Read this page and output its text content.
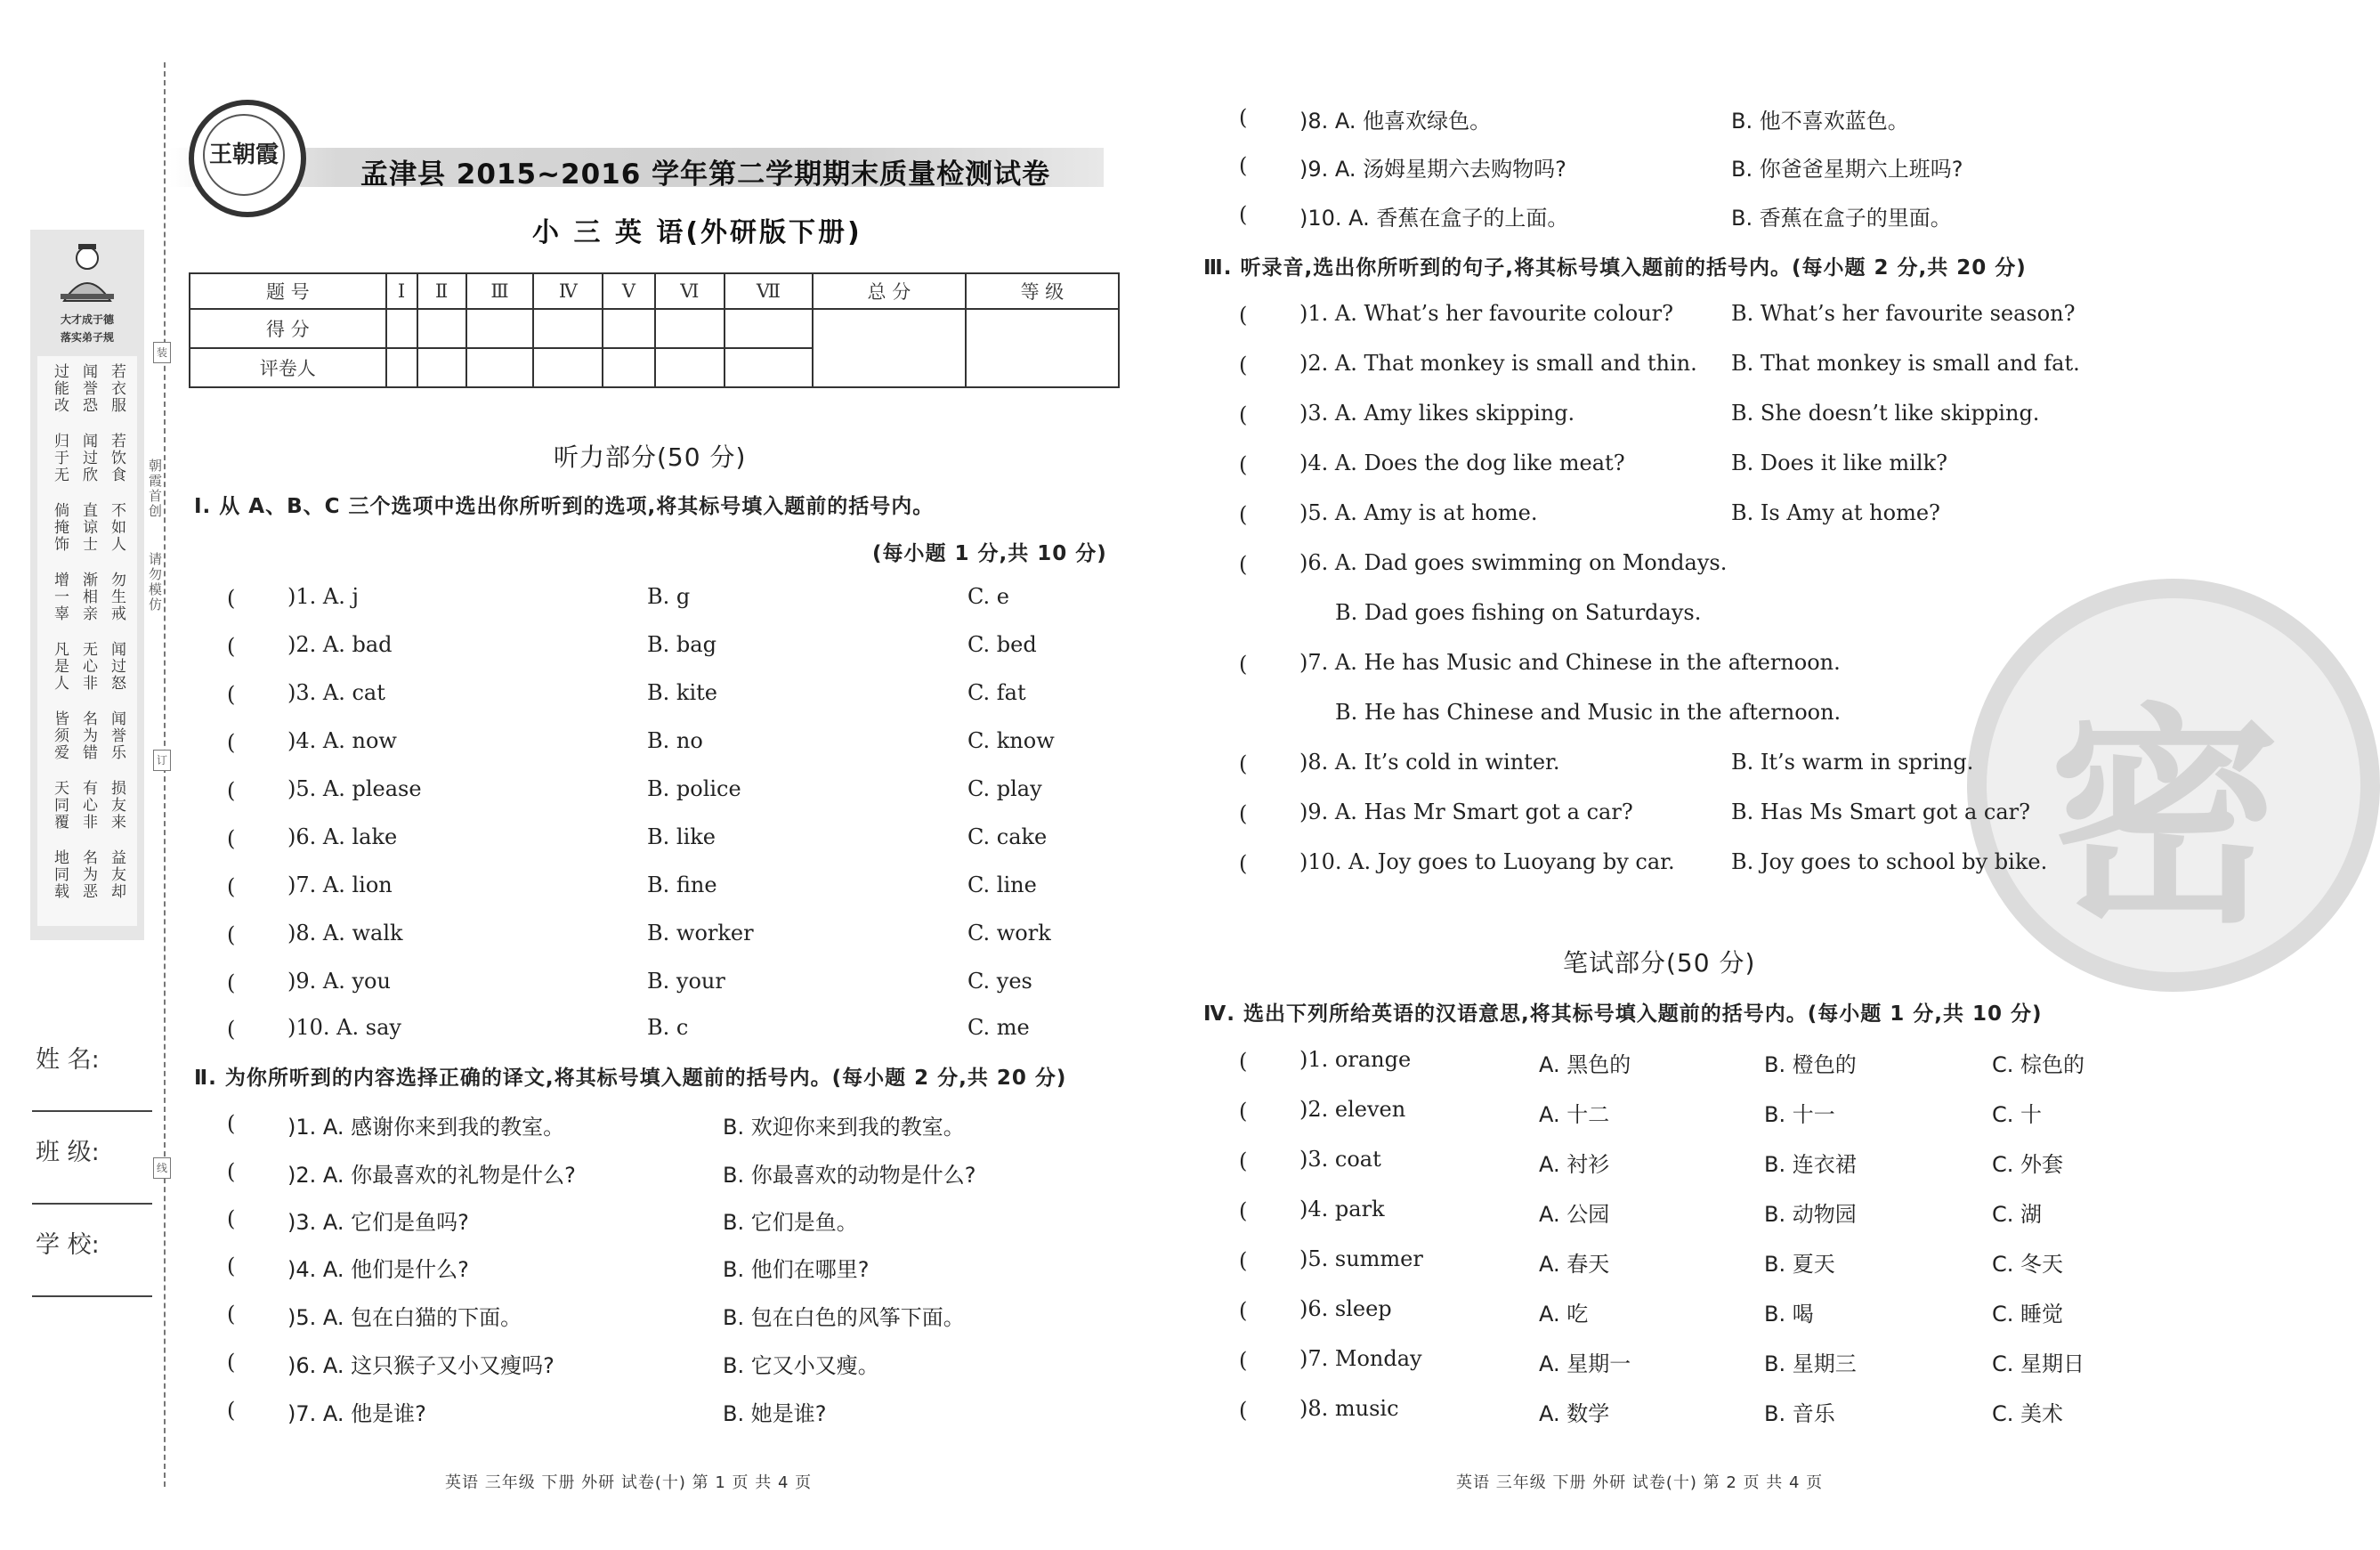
大才成于德
落实弟子规
若衣服
闻誉恐
过能改
若饮食
闻过欣
归于无
不如人
直谅士
倘掩饰
勿生戒
渐相亲
增一辜
闻过怒
无心非
凡是人
闻誉乐
名为错
皆须爱
损友来
有心非
天同覆
益友却
名为恶
地同载
朝霞首创
请勿模仿
装
订
线
姓 名:
班 级:
学 校:
王朝霞
孟津县 2015~2016 学年第二学期期末质量检测试卷
小 三 英 语(外研版下册)
题 号	Ⅰ	Ⅱ	Ⅲ	Ⅳ	Ⅴ	Ⅵ	Ⅶ	总 分	等 级
得 分									
评卷人									
听力部分(50 分)
Ⅰ. 从 A、B、C 三个选项中选出你所听到的选项,将其标号填入题前的括号内。
(每小题 1 分,共 10 分)
( )1. A. j	B. g	C. e
( )2. A. bad	B. bag	C. bed
( )3. A. cat	B. kite	C. fat
( )4. A. now	B. no	C. know
( )5. A. please	B. police	C. play
( )6. A. lake	B. like	C. cake
( )7. A. lion	B. fine	C. line
( )8. A. walk	B. worker	C. work
( )9. A. you	B. your	C. yes
( )10. A. say	B. c	C. me
Ⅱ. 为你所听到的内容选择正确的译文,将其标号填入题前的括号内。(每小题 2 分,共 20 分)
( )1. A. 感谢你来到我的教室。	B. 欢迎你来到我的教室。
( )2. A. 你最喜欢的礼物是什么?	B. 你最喜欢的动物是什么?
( )3. A. 它们是鱼吗?	B. 它们是鱼。
( )4. A. 他们是什么?	B. 他们在哪里?
( )5. A. 包在白猫的下面。	B. 包在白色的风筝下面。
( )6. A. 这只猴子又小又瘦吗?	B. 它又小又瘦。
( )7. A. 他是谁?	B. 她是谁?
( )8. A. 他喜欢绿色。	B. 他不喜欢蓝色。
( )9. A. 汤姆星期六去购物吗?	B. 你爸爸星期六上班吗?
( )10. A. 香蕉在盒子的上面。	B. 香蕉在盒子的里面。
英语 三年级 下册 外研 试卷(十) 第 1 页 共 4 页
密
Ⅲ. 听录音,选出你所听到的句子,将其标号填入题前的括号内。(每小题 2 分,共 20 分)
( )1. A. What’s her favourite colour?	B. What’s her favourite season?
( )2. A. That monkey is small and thin. B. That monkey is small and fat.
( )3. A. Amy likes skipping.	B. She doesn’t like skipping.
( )4. A. Does the dog like meat?	B. Does it like milk?
( )5. A. Amy is at home.	B. Is Amy at home?
( )6. A. Dad goes swimming on Mondays.
B. Dad goes fishing on Saturdays.
( )7. A. He has Music and Chinese in the afternoon.
B. He has Chinese and Music in the afternoon.
( )8. A. It’s cold in winter.	B. It’s warm in spring.
( )9. A. Has Mr Smart got a car?	B. Has Ms Smart got a car?
( )10. A. Joy goes to Luoyang by car.	B. Joy goes to school by bike.
笔试部分(50 分)
Ⅳ. 选出下列所给英语的汉语意思,将其标号填入题前的括号内。(每小题 1 分,共 10 分)
( )1. orange	A. 黑色的	B. 橙色的	C. 棕色的
( )2. eleven	A. 十二	B. 十一	C. 十
( )3. coat	A. 衬衫	B. 连衣裙	C. 外套
( )4. park	A. 公园	B. 动物园	C. 湖
( )5. summer	A. 春天	B. 夏天	C. 冬天
( )6. sleep	A. 吃	B. 喝	C. 睡觉
( )7. Monday	A. 星期一	B. 星期三	C. 星期日
( )8. music	A. 数学	B. 音乐	C. 美术
英语 三年级 下册 外研 试卷(十) 第 2 页 共 4 页
